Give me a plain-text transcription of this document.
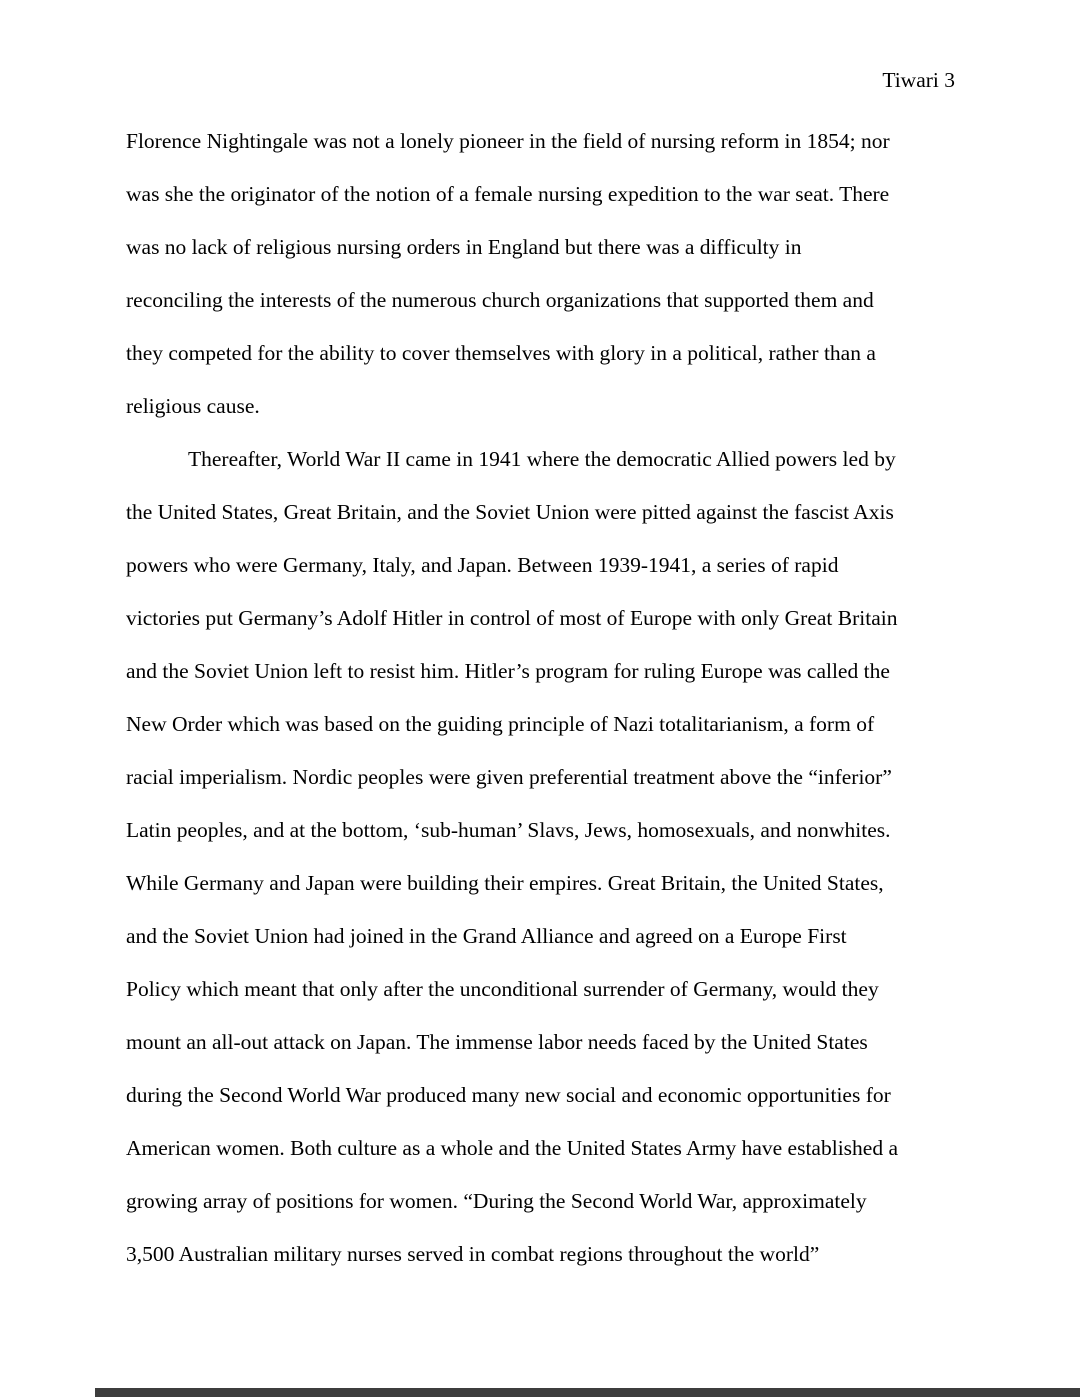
Tiwari 3
Florence Nightingale was not a lonely pioneer in the field of nursing reform in 1854; nor
was she the originator of the notion of a female nursing expedition to the war seat. There
was no lack of religious nursing orders in England but there was a difficulty in
reconciling the interests of the numerous church organizations that supported them and
they competed for the ability to cover themselves with glory in a political, rather than a
religious cause.
Thereafter, World War II came in 1941 where the democratic Allied powers led by
the United States, Great Britain, and the Soviet Union were pitted against the fascist Axis
powers who were Germany, Italy, and Japan. Between 1939-1941, a series of rapid
victories put Germany’s Adolf Hitler in control of most of Europe with only Great Britain
and the Soviet Union left to resist him. Hitler’s program for ruling Europe was called the
New Order which was based on the guiding principle of Nazi totalitarianism, a form of
racial imperialism. Nordic peoples were given preferential treatment above the “inferior”
Latin peoples, and at the bottom, ‘sub-human’ Slavs, Jews, homosexuals, and nonwhites.
While Germany and Japan were building their empires. Great Britain, the United States,
and the Soviet Union had joined in the Grand Alliance and agreed on a Europe First
Policy which meant that only after the unconditional surrender of Germany, would they
mount an all-out attack on Japan. The immense labor needs faced by the United States
during the Second World War produced many new social and economic opportunities for
American women. Both culture as a whole and the United States Army have established a
growing array of positions for women. “During the Second World War, approximately
3,500 Australian military nurses served in combat regions throughout the world”
